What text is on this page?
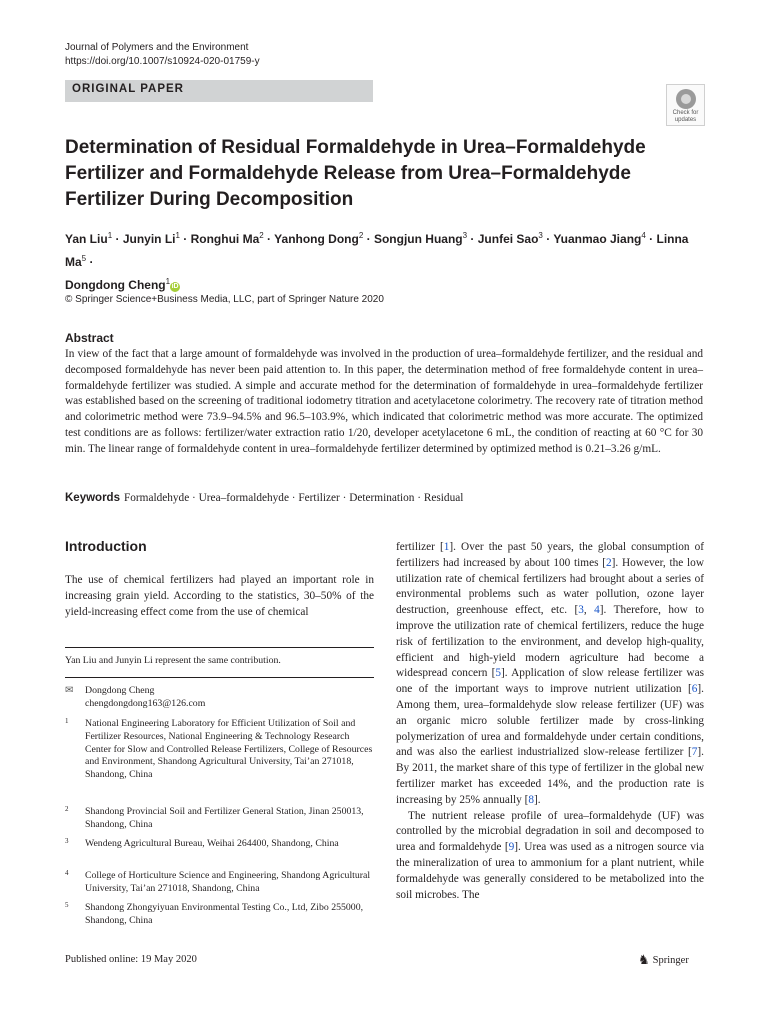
Journal of Polymers and the Environment
https://doi.org/10.1007/s10924-020-01759-y
ORIGINAL PAPER
Check for updates
Determination of Residual Formaldehyde in Urea–Formaldehyde Fertilizer and Formaldehyde Release from Urea–Formaldehyde Fertilizer During Decomposition
Yan Liu$^1$ · Junyin $Li^1$ · Ronghui $Ma^2$ · Yanhong Dong$^2$ · Songjun Huang$^3$ · Junfei Sao$^3$ · Yuanmao Jiang$^4$ · Linna $Ma^5$ ·
Dongdong Cheng$^1$iD
© Springer Science+Business Media, LLC, part of Springer Nature 2020
Abstract
In view of the fact that a large amount of formaldehyde was involved in the production of urea–formaldehyde fertilizer, and the residual and decomposed formaldehyde has never been paid attention to. In this paper, the determination method of free formaldehyde content in urea–formaldehyde fertilizer was studied. A simple and accurate method for the determination of formaldehyde in urea–formaldehyde fertilizer was established based on the screening of traditional iodometry titration and acetylacetone colorimetry. The recovery rate of titration method and colorimetric method were 73.9–94.5% and 96.5–103.9%, which indicated that colorimetric method was more accurate. The optimized test conditions are as follows: fertilizer/water extraction ratio 1/20, developer acetylacetone 6 mL, the condition of reacting at 60 °C for 30 min. The linear range of formaldehyde content in urea–formaldehyde fertilizer determined by optimized method is 0.21–3.26 g/mL.
Keywords Formaldehyde · Urea–formaldehyde · Fertilizer · Determination · Residual
Introduction
The use of chemical fertilizers had played an important role in increasing grain yield. According to the statistics, 30–50% of the yield-increasing effect come from the use of chemical
Yan Liu and Junyin Li represent the same contribution.
✉ Dongdong Cheng
chengdongdong163@126.com
1 National Engineering Laboratory for Efficient Utilization of Soil and Fertilizer Resources, National Engineering & Technology Research Center for Slow and Controlled Release Fertilizers, College of Resources and Environment, Shandong Agricultural University, Tai’an 271018, Shandong, China
2 Shandong Provincial Soil and Fertilizer General Station, Jinan 250013, Shandong, China
3 Wendeng Agricultural Bureau, Weihai 264400, Shandong, China
4 College of Horticulture Science and Engineering, Shandong Agricultural University, Tai’an 271018, Shandong, China
5 Shandong Zhongyiyuan Environmental Testing Co., Ltd, Zibo 255000, Shandong, China

fertilizer [1]. Over the past 50 years, the global consumption of fertilizers had increased by about 100 times [2]. However, the low utilization rate of chemical fertilizers had brought about a series of environmental problems such as water pollution, ozone layer destruction, greenhouse effect, etc. [3, 4]. Therefore, how to improve the utilization rate of chemical fertilizers, reduce the huge risk of fertilization to the environment, and develop high-quality, efficient and high-yield modern agriculture had become a widespread concern [5]. Application of slow release fertilizer was one of the important ways to improve nutrient utilization [6]. Among them, urea–formaldehyde slow release fertilizer (UF) was an organic micro soluble fertilizer made by cross-linking polymerization of urea and formaldehyde under certain conditions, and was also the earliest industrialized slow-release fertilizer [7]. By 2011, the market share of this type of fertilizer in the global new fertilizer market has exceeded 14%, and the production rate is increasing by 25% annually [8].

The nutrient release profile of urea–formaldehyde (UF) was controlled by the microbial degradation in soil and decomposed to urea and formaldehyde [9]. Urea was used as a nitrogen source via the mineralization of urea to ammonium for a plant nutrient, while formaldehyde was generally considered to be metabolized into the soil microbes. The

Published online: 19 May 2020	♞ Springer
